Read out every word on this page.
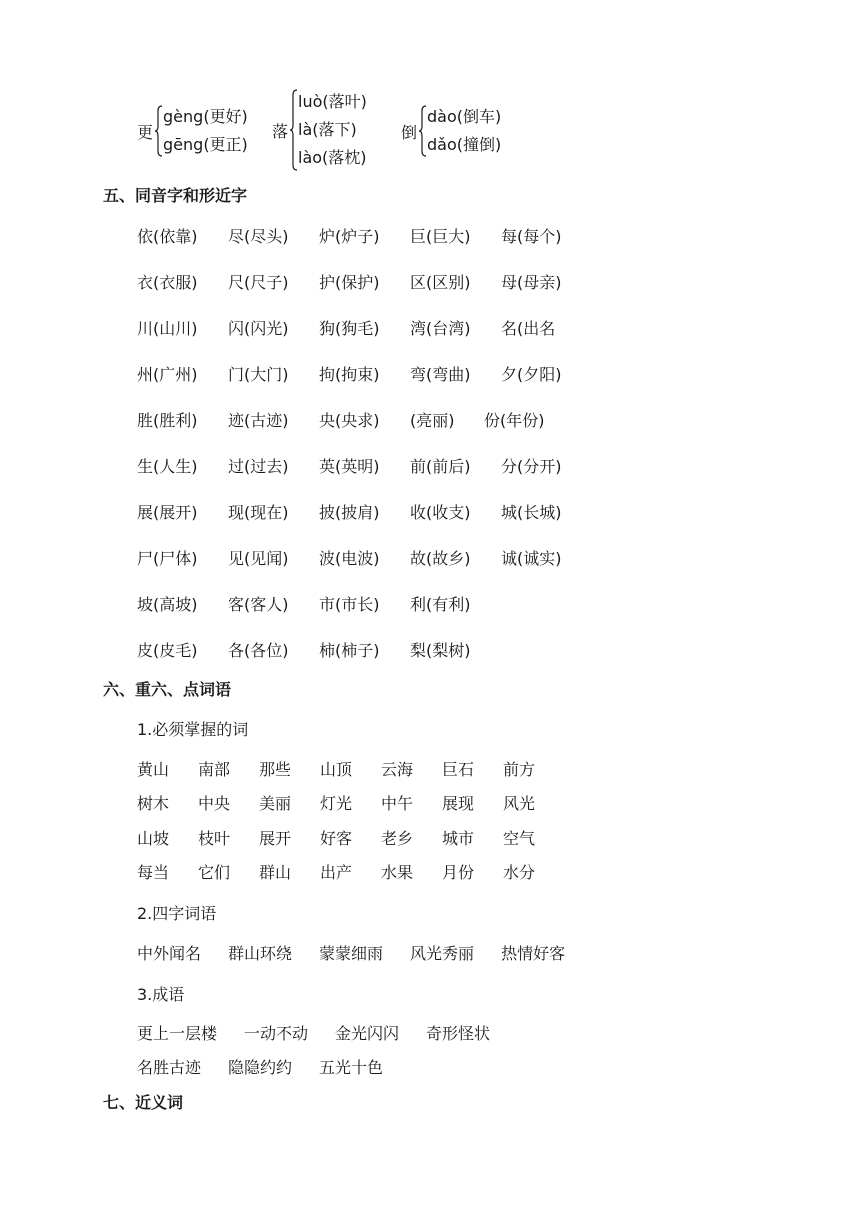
更
gèng(更好)
gēng(更正)
落
luò(落叶)
là(落下)
lào(落枕)
倒
dào(倒车)
dǎo(撞倒)
五、同音字和形近字
依(依靠)	尽(尽头)	炉(炉子)	巨(巨大)	每(每个)
衣(衣服)	尺(尺子)	护(保护)	区(区别)	母(母亲)
川(山川)	闪(闪光)	狗(狗毛)	湾(台湾)	名(出名
州(广州)	门(大门)	拘(拘束)	弯(弯曲)	夕(夕阳)
胜(胜利)	迹(古迹)	央(央求)	(亮丽)	份(年份)
生(人生)	过(过去)	英(英明)	前(前后)	分(分开)
展(展开)	现(现在)	披(披肩)	收(收支)	城(长城)
尸(尸体)	见(见闻)	波(电波)	故(故乡)	诚(诚实)
坡(高坡)	客(客人)	市(市长)	利(有利)
皮(皮毛)	各(各位)	柿(柿子)	梨(梨树)
六、重六、点词语
1.必须掌握的词
黄山	南部	那些	山顶	云海	巨石	前方
树木	中央	美丽	灯光	中午	展现	风光
山坡	枝叶	展开	好客	老乡	城市	空气
每当	它们	群山	出产	水果	月份	水分
2.四字词语
中外闻名 群山环绕 蒙蒙细雨 风光秀丽 热情好客
3.成语
更上一层楼 一动不动 金光闪闪 奇形怪状
名胜古迹 隐隐约约 五光十色
七、近义词
